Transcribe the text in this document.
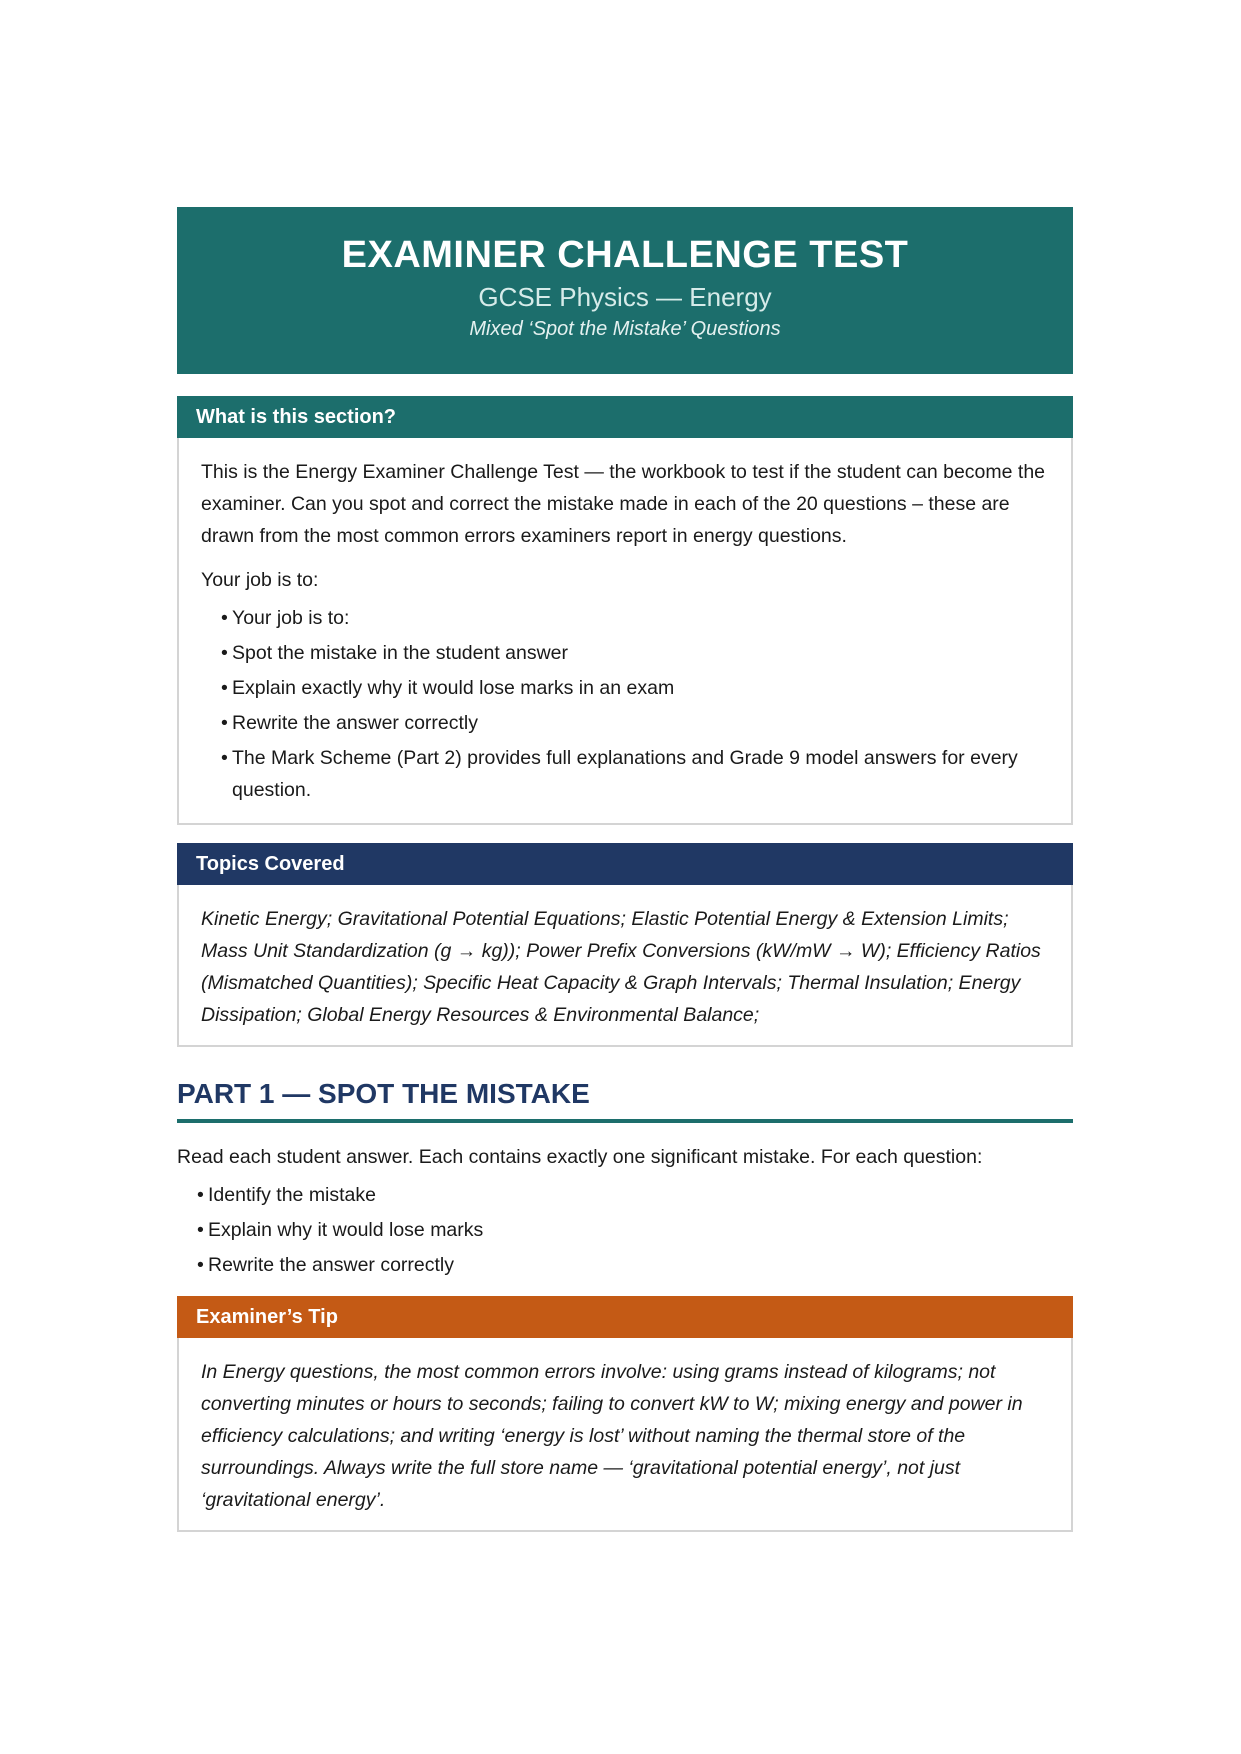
EXAMINER CHALLENGE TEST
GCSE Physics — Energy
Mixed ‘Spot the Mistake’ Questions
What is this section?

This is the Energy Examiner Challenge Test — the workbook to test if the student can become the examiner. Can you spot and correct the mistake made in each of the 20 questions – these are drawn from the most common errors examiners report in energy questions.

Your job is to:

• Your job is to:
• Spot the mistake in the student answer
• Explain exactly why it would lose marks in an exam
• Rewrite the answer correctly
• The Mark Scheme (Part 2) provides full explanations and Grade 9 model answers for every question.
Topics Covered

Kinetic Energy; Gravitational Potential Equations; Elastic Potential Energy & Extension Limits; Mass Unit Standardization (g → kg)); Power Prefix Conversions (kW/mW → W); Efficiency Ratios (Mismatched Quantities); Specific Heat Capacity & Graph Intervals; Thermal Insulation; Energy Dissipation; Global Energy Resources & Environmental Balance;

PART 1 — SPOT THE MISTAKE
Read each student answer. Each contains exactly one significant mistake. For each question:
• Identify the mistake
• Explain why it would lose marks
• Rewrite the answer correctly
Examiner’s Tip

In Energy questions, the most common errors involve: using grams instead of kilograms; not converting minutes or hours to seconds; failing to convert kW to W; mixing energy and power in efficiency calculations; and writing ‘energy is lost’ without naming the thermal store of the surroundings. Always write the full store name — ‘gravitational potential energy’, not just ‘gravitational energy’.
